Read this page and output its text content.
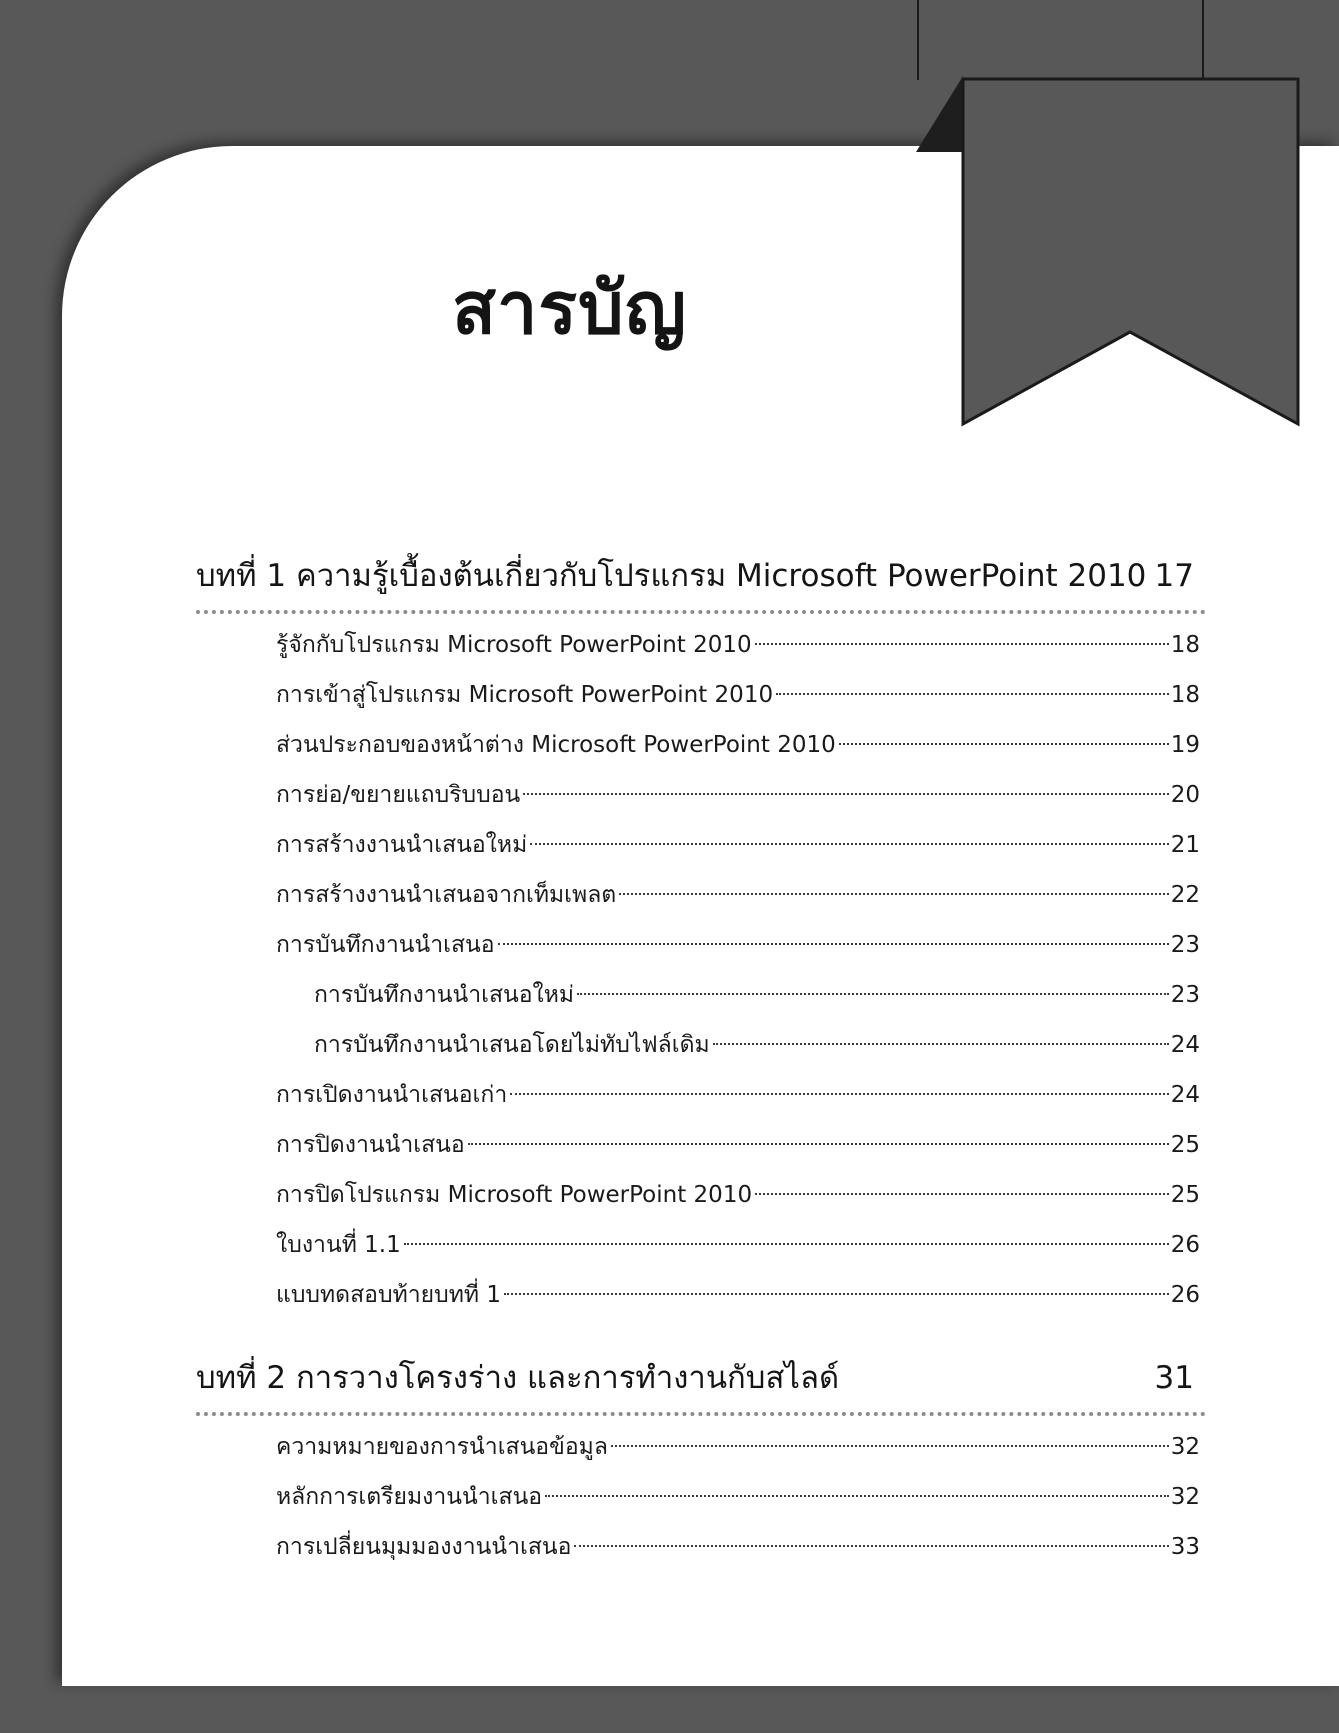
สารบัญ
บทที่ 1 ความรู้เบื้องต้นเกี่ยวกับโปรแกรม Microsoft PowerPoint 2010 17
รู้จักกับโปรแกรม Microsoft PowerPoint 2010	18
การเข้าสู่โปรแกรม Microsoft PowerPoint 2010	18
ส่วนประกอบของหน้าต่าง Microsoft PowerPoint 2010	19
การย่อ/ขยายแถบริบบอน	20
การสร้างงานนำเสนอใหม่	21
การสร้างงานนำเสนอจากเท็มเพลต	22
การบันทึกงานนำเสนอ	23
การบันทึกงานนำเสนอใหม่	23
การบันทึกงานนำเสนอโดยไม่ทับไฟล์เดิม	24
การเปิดงานนำเสนอเก่า	24
การปิดงานนำเสนอ	25
การปิดโปรแกรม Microsoft PowerPoint 2010	25
ใบงานที่ 1.1	26
แบบทดสอบท้ายบทที่ 1	26
บทที่ 2 การวางโครงร่าง และการทำงานกับสไลด์	31
ความหมายของการนำเสนอข้อมูล	32
หลักการเตรียมงานนำเสนอ	32
การเปลี่ยนมุมมองงานนำเสนอ	33
